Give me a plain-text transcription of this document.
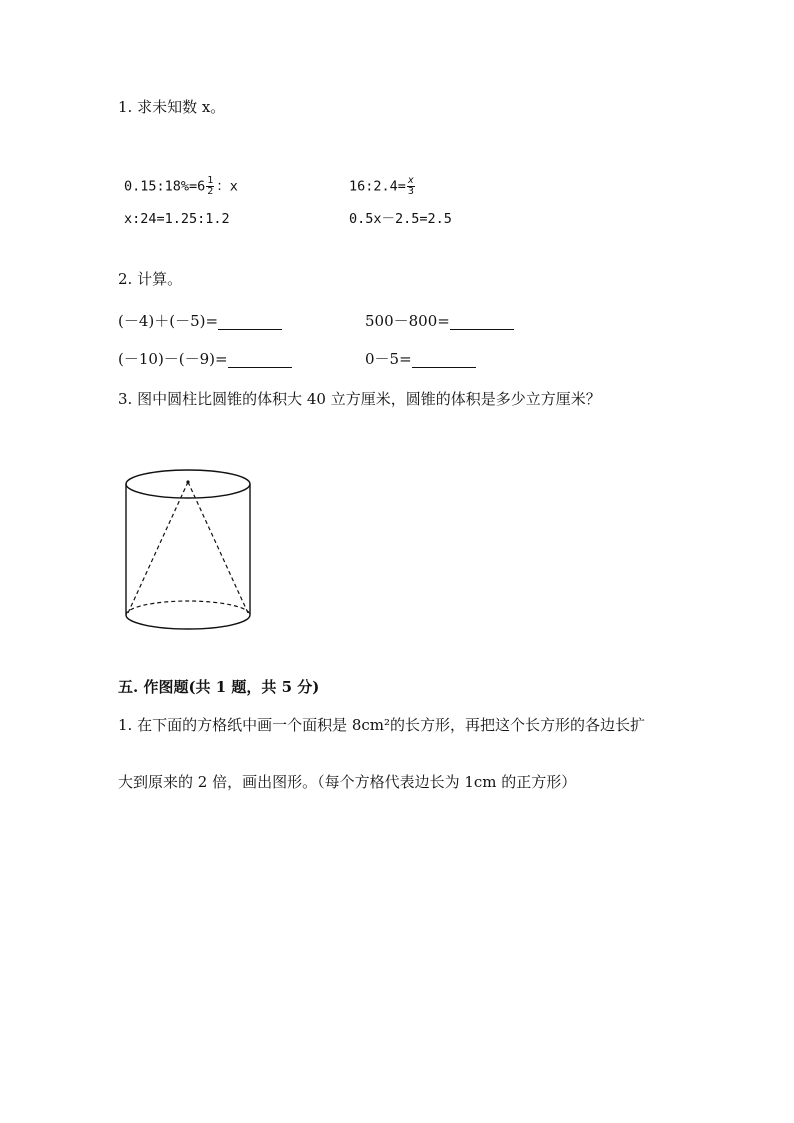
1. 求未知数 x。
0.15:18%=6 $\frac{1}{2}$ ：x	16:2.4= $\frac{x}{3}$
x:24=1.25:1.2	0.5x－2.5=2.5
2. 计算。
(－4)＋(－5)=	500－800=
(－10)－(－9)=	0－5=
3. 图中圆柱比圆锥的体积大 40 立方厘米，圆锥的体积是多少立方厘米？
五. 作图题(共 1 题，共 5 分)
1. 在下面的方格纸中画一个面积是 8cm²的长方形，再把这个长方形的各边长扩
大到原来的 2 倍，画出图形。（每个方格代表边长为 1cm 的正方形）
